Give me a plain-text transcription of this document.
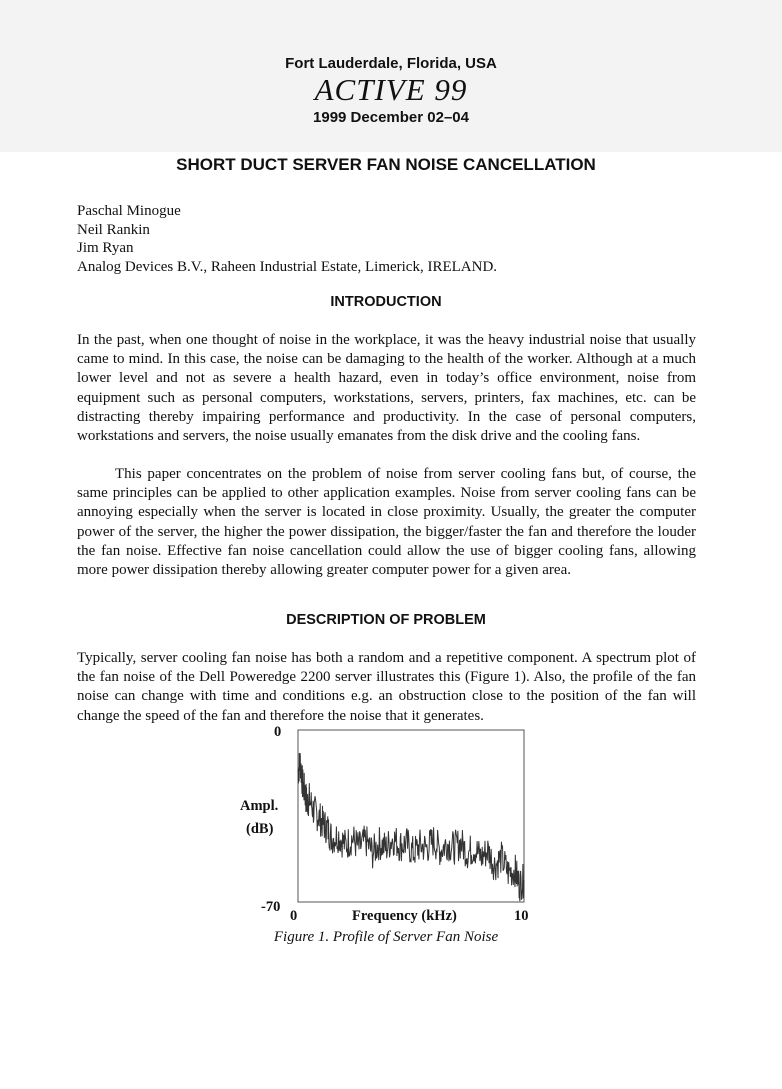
Fort Lauderdale, Florida, USA
ACTIVE 99
1999 December 02–04
SHORT DUCT SERVER FAN NOISE CANCELLATION
Paschal Minogue
Neil Rankin
Jim Ryan
Analog Devices B.V., Raheen Industrial Estate, Limerick, IRELAND.
INTRODUCTION

In the past, when one thought of noise in the workplace, it was the heavy industrial noise that usually came to mind. In this case, the noise can be damaging to the health of the worker. Although at a much lower level and not as severe a health hazard, even in today’s office environment, noise from equipment such as personal computers, workstations, servers, printers, fax machines, etc. can be distracting thereby impairing performance and productivity. In the case of personal computers, workstations and servers, the noise usually emanates from the disk drive and the cooling fans.

This paper concentrates on the problem of noise from server cooling fans but, of course, the same principles can be applied to other application examples. Noise from server cooling fans can be annoying especially when the server is located in close proximity. Usually, the greater the computer power of the server, the higher the power dissipation, the bigger/faster the fan and therefore the louder the fan noise. Effective fan noise cancellation could allow the use of bigger cooling fans, allowing more power dissipation thereby allowing greater computer power for a given area.

DESCRIPTION OF PROBLEM

Typically, server cooling fan noise has both a random and a repetitive component. A spectrum plot of the fan noise of the Dell Poweredge 2200 server illustrates this (Figure 1). Also, the profile of the fan noise can change with time and conditions e.g. an obstruction close to the position of the fan will change the speed of the fan and therefore the noise that it generates.

0
Ampl.
(dB)
-70
0	Frequency (kHz)	10
Figure 1. Profile of Server Fan Noise
